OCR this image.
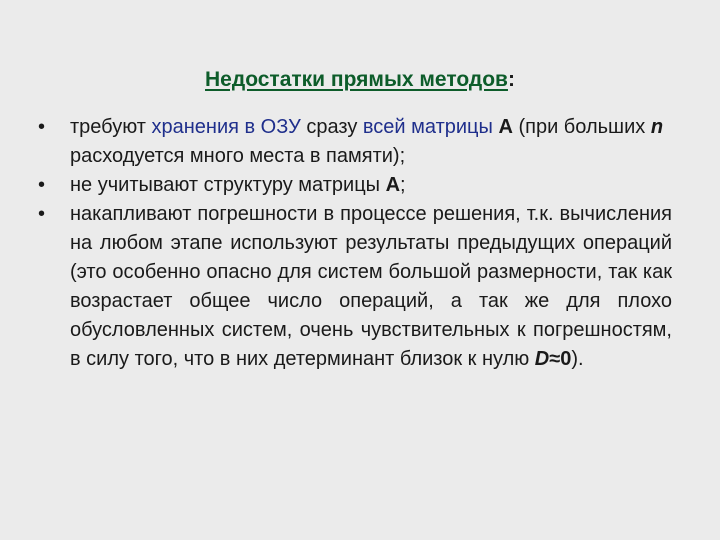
Недостатки прямых методов:
• требуют хранения в ОЗУ сразу всей матрицы A (при больших n расходуется много места в памяти);
• не учитывают структуру матрицы A;
• накапливают погрешности в процессе решения, т.к. вычисления на любом этапе используют результаты предыдущих операций (это особенно опасно для систем большой размерности, так как возрастает общее число операций, а так же для плохо обусловленных систем, очень чувствительных к погрешностям, в силу того, что в них детерминант близок к нулю D≈0).
